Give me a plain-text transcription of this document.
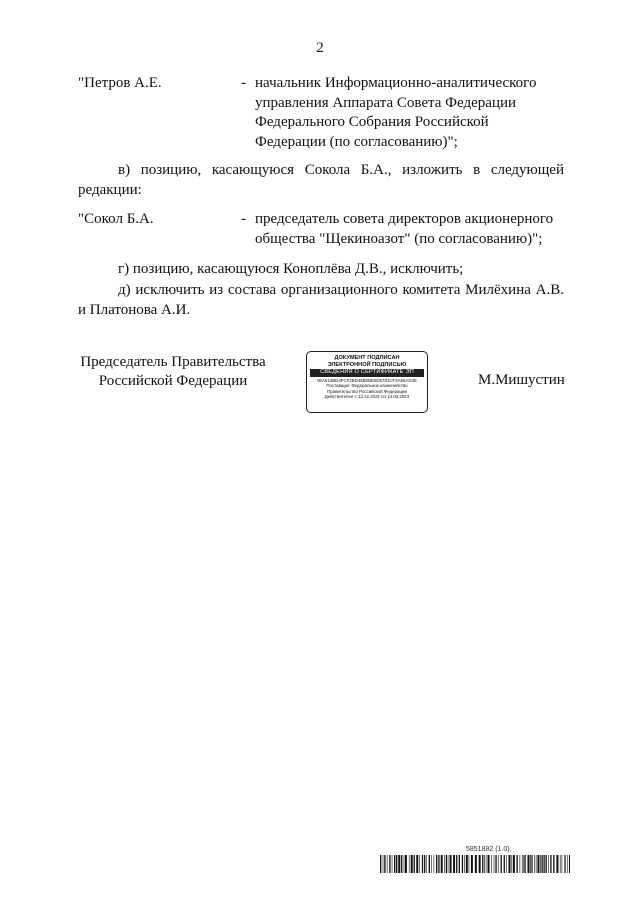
2
"Петров А.Е.	- начальник Информационно-аналитического
управления Аппарата Совета Федерации
Федерального Собрания Российской
Федерации (по согласованию)";
в) позицию, касающуюся Сокола Б.А., изложить в следующей редакции:
"Сокол Б.А.	- председатель совета директоров акционерного
общества "Щекиноазот" (по согласованию)";
г) позицию, касающуюся Коноплёва Д.В., исключить;
д) исключить из состава организационного комитета Милёхина А.В. и Платонова А.И.
Председатель Правительства
Российской Федерации
ДОКУМЕНТ ПОДПИСАН
ЭЛЕКТРОННОЙ ПОДПИСЬЮ
СВЕДЕНИЯ О СЕРТИФИКАТЕ ЭП
00A613BD4FCF2BD45B0BE5D5781CF3A56AD4E
Поставщик: Федеральное казначейство
Правительство Российской Федерации
Действителен с 13.12.2021 по 13.03.2023
М.Мишустин
5851882 (1.0)
